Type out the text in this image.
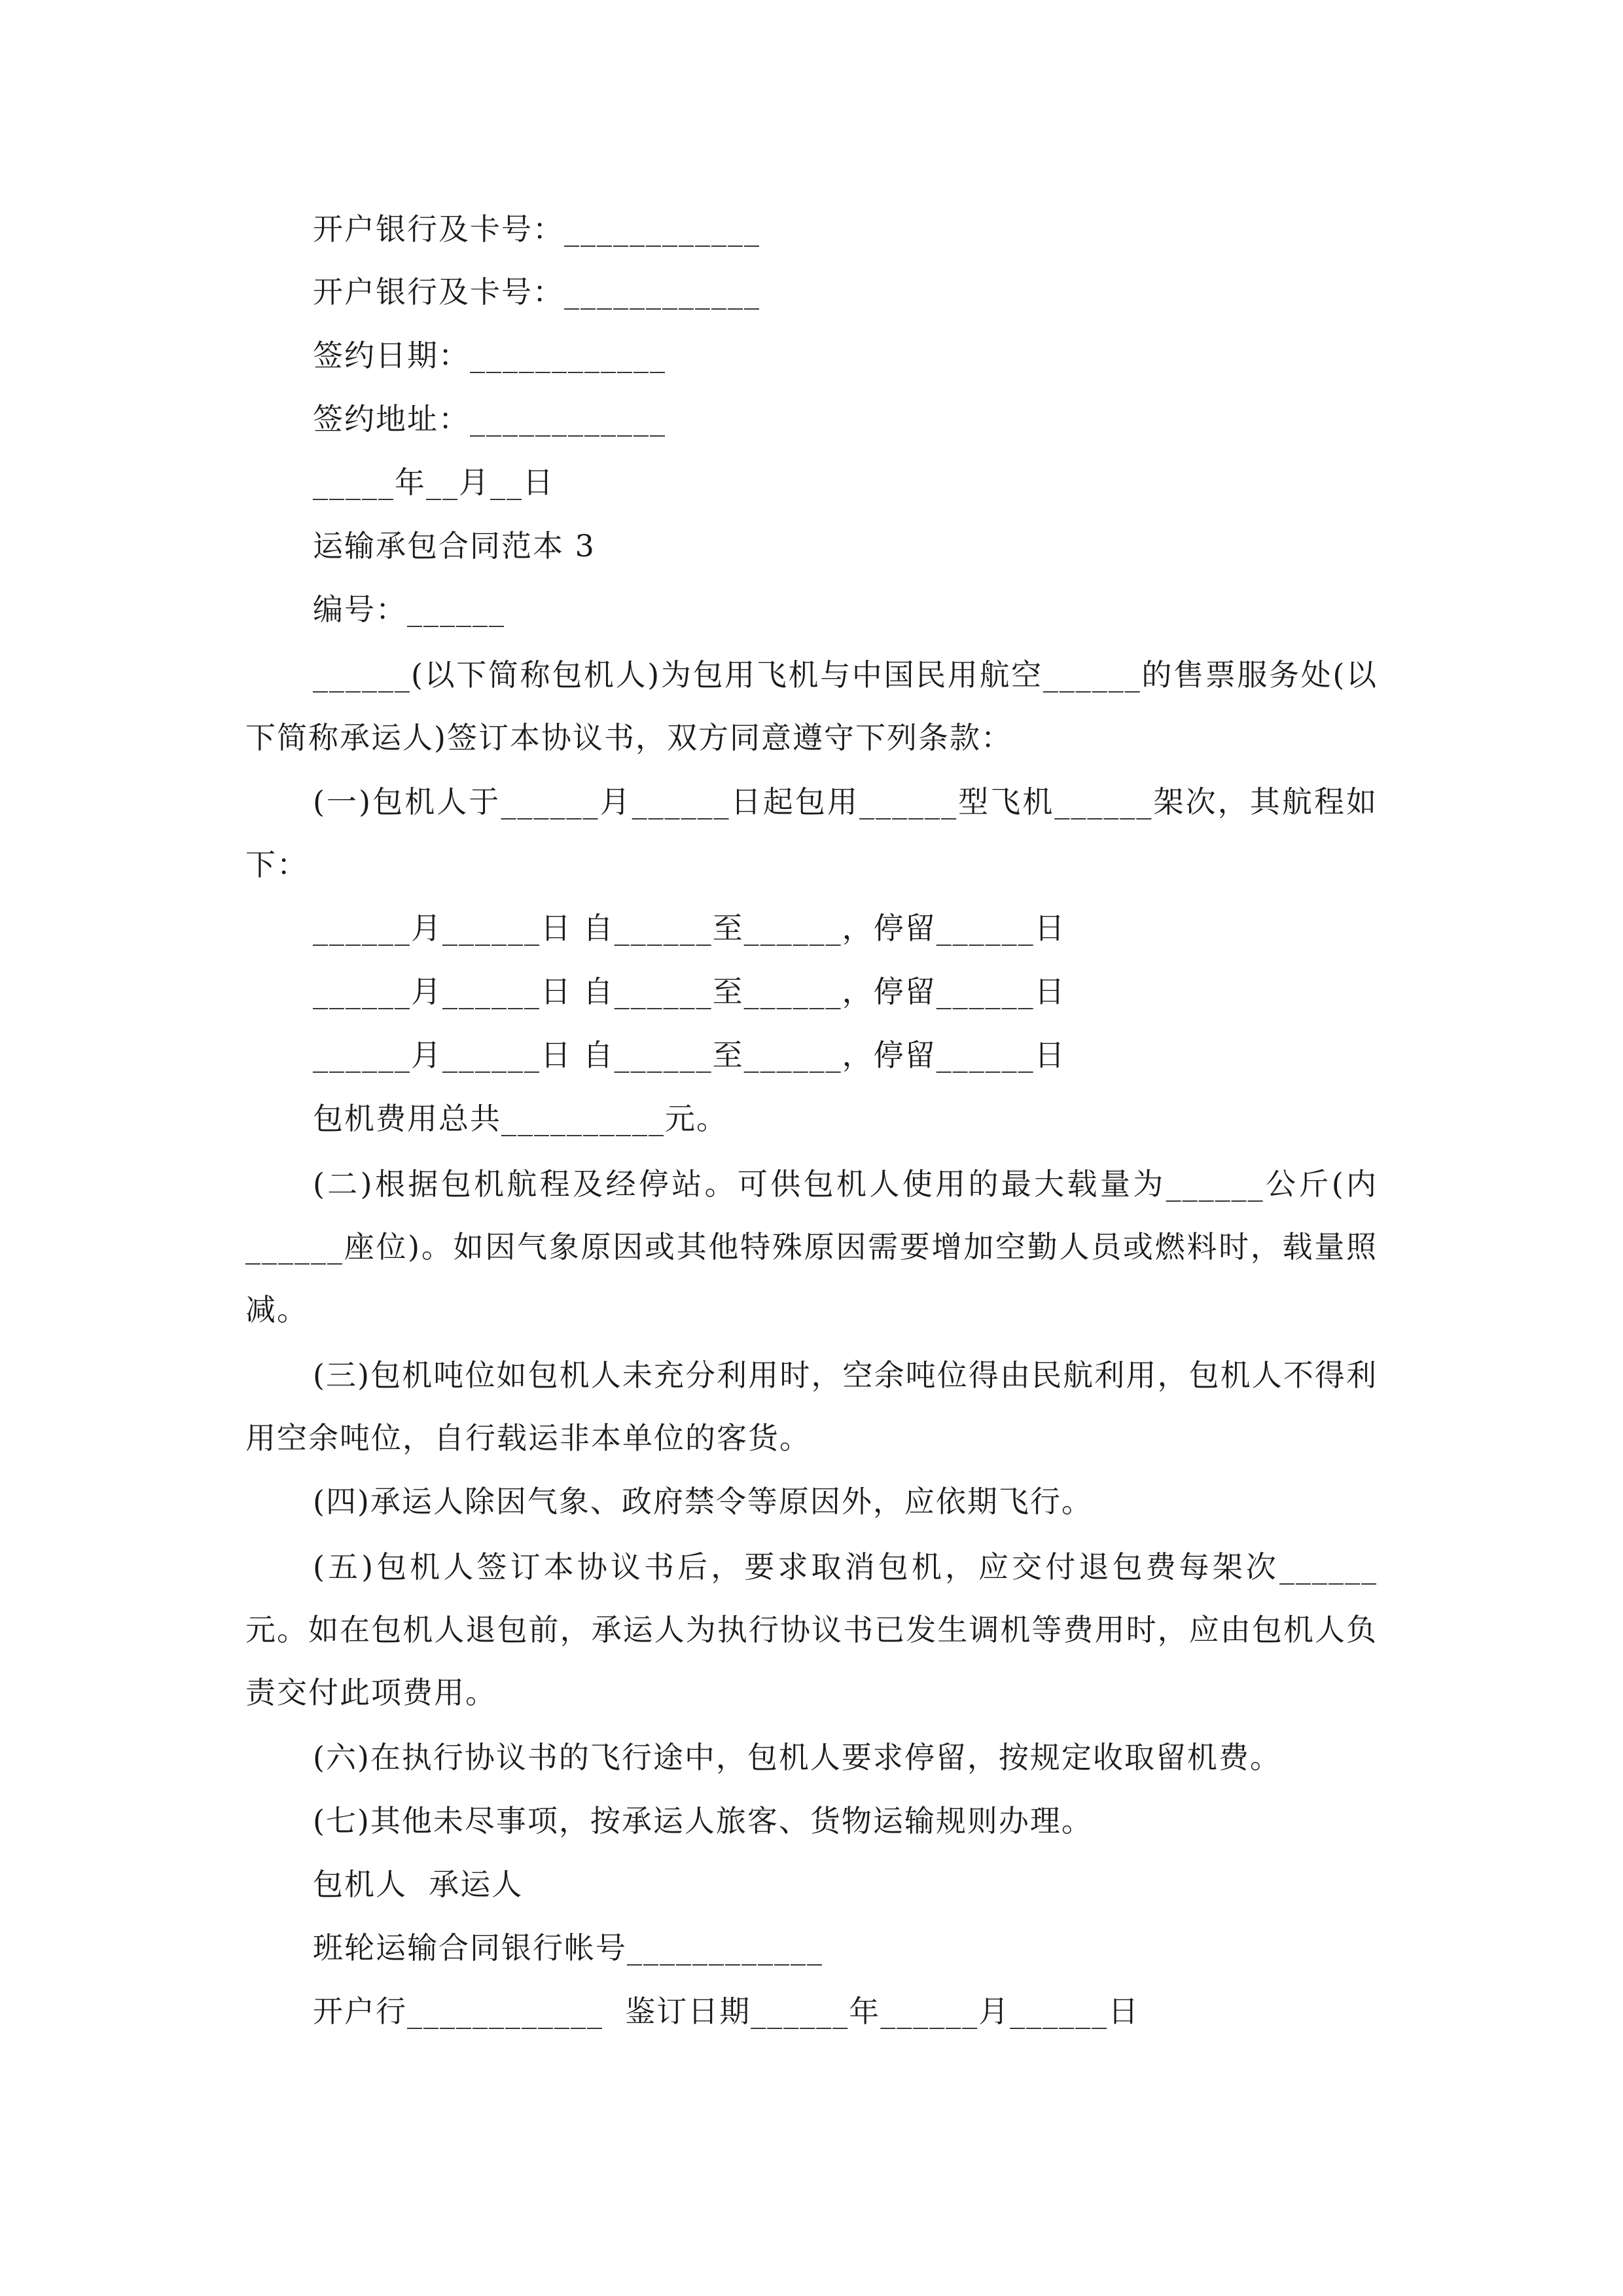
开户银行及卡号：____________
开户银行及卡号：____________
签约日期：____________
签约地址：____________
_____年__月__日
运输承包合同范本 3
编号：______
______(以下简称包机人)为包用飞机与中国民用航空______的售票服务处(以下简称承运人)签订本协议书，双方同意遵守下列条款：
(一)包机人于______月______日起包用______型飞机______架次，其航程如下：
______月______日 自______至______，停留______日
______月______日 自______至______，停留______日
______月______日 自______至______，停留______日
包机费用总共__________元。
(二)根据包机航程及经停站。可供包机人使用的最大载量为______公斤(内______座位)。如因气象原因或其他特殊原因需要增加空勤人员或燃料时，载量照减。
(三)包机吨位如包机人未充分利用时，空余吨位得由民航利用，包机人不得利用空余吨位，自行载运非本单位的客货。
(四)承运人除因气象、政府禁令等原因外，应依期飞行。
(五)包机人签订本协议书后，要求取消包机，应交付退包费每架次______元。如在包机人退包前，承运人为执行协议书已发生调机等费用时，应由包机人负责交付此项费用。
(六)在执行协议书的飞行途中，包机人要求停留，按规定收取留机费。
(七)其他未尽事项，按承运人旅客、货物运输规则办理。
包机人  承运人
班轮运输合同银行帐号____________
开户行____________  鉴订日期______年______月______日
